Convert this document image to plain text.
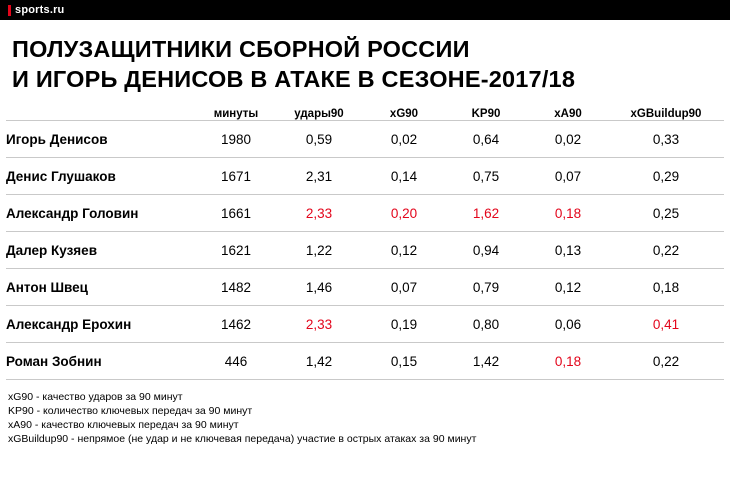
sports.ru
ПОЛУЗАЩИТНИКИ СБОРНОЙ РОССИИ
И ИГОРЬ ДЕНИСОВ В АТАКЕ В СЕЗОНЕ-2017/18
	минуты	удары90	xG90	KP90	xA90	xGBuildup90
Игорь Денисов	1980	0,59	0,02	0,64	0,02	0,33
Денис Глушаков	1671	2,31	0,14	0,75	0,07	0,29
Александр Головин	1661	2,33	0,20	1,62	0,18	0,25
Далер Кузяев	1621	1,22	0,12	0,94	0,13	0,22
Антон Швец	1482	1,46	0,07	0,79	0,12	0,18
Александр Ерохин	1462	2,33	0,19	0,80	0,06	0,41
Роман Зобнин	446	1,42	0,15	1,42	0,18	0,22
xG90 - качество ударов за 90 минут
KP90 - количество ключевых передач за 90 минут
xA90 - качество ключевых передач за 90 минут
xGBuildup90 - непрямое (не удар и не ключевая передача) участие в острых атаках за 90 минут
